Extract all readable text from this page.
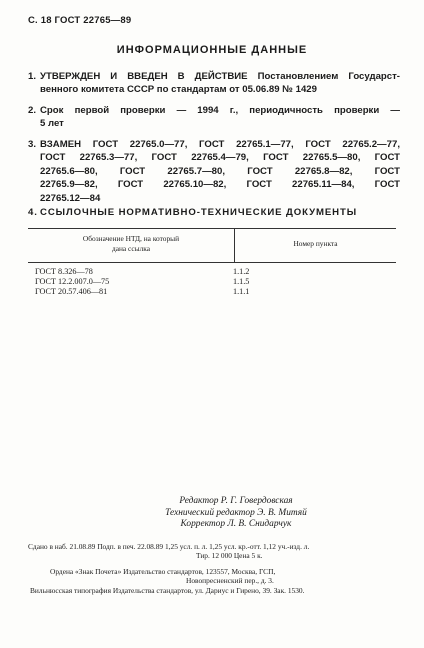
С. 18 ГОСТ 22765—89
ИНФОРМАЦИОННЫЕ ДАННЫЕ
1. УТВЕРЖДЕН И ВВЕДЕН В ДЕЙСТВИЕ Постановлением Государст-
венного комитета СССР по стандартам от 05.06.89 № 1429
2. Срок первой проверки — 1994 г., периодичность проверки —
5 лет
3. ВЗАМЕН ГОСТ 22765.0—77, ГОСТ 22765.1—77, ГОСТ 22765.2—77,
ГОСТ 22765.3—77, ГОСТ 22765.4—79, ГОСТ 22765.5—80, ГОСТ
22765.6—80, ГОСТ 22765.7—80, ГОСТ 22765.8—82, ГОСТ
22765.9—82, ГОСТ 22765.10—82, ГОСТ 22765.11—84, ГОСТ
22765.12—84
4. ССЫЛОЧНЫЕ НОРМАТИВНО-ТЕХНИЧЕСКИЕ ДОКУМЕНТЫ
Обозначение НТД, на который
дана ссылка
Номер пункта
ГОСТ 8.326—78	1.1.2
ГОСТ 12.2.007.0—75	1.1.5
ГОСТ 20.57.406—81	1.1.1
Редактор Р. Г. Говердовская
Технический редактор Э. В. Митяй
Корректор Л. В. Снидарчук
Сдано в наб. 21.08.89 Подп. в печ. 22.08.89 1,25 усл. п. л. 1,25 усл. кр.-отт. 1,12 уч.-изд. л.
Тир. 12 000 Цена 5 к.
Ордена «Знак Почета» Издательство стандартов, 123557, Москва, ГСП,
Новопресненский пер., д. 3.
Вильнюсская типография Издательства стандартов, ул. Дариус и Гирено, 39. Зак. 1530.
